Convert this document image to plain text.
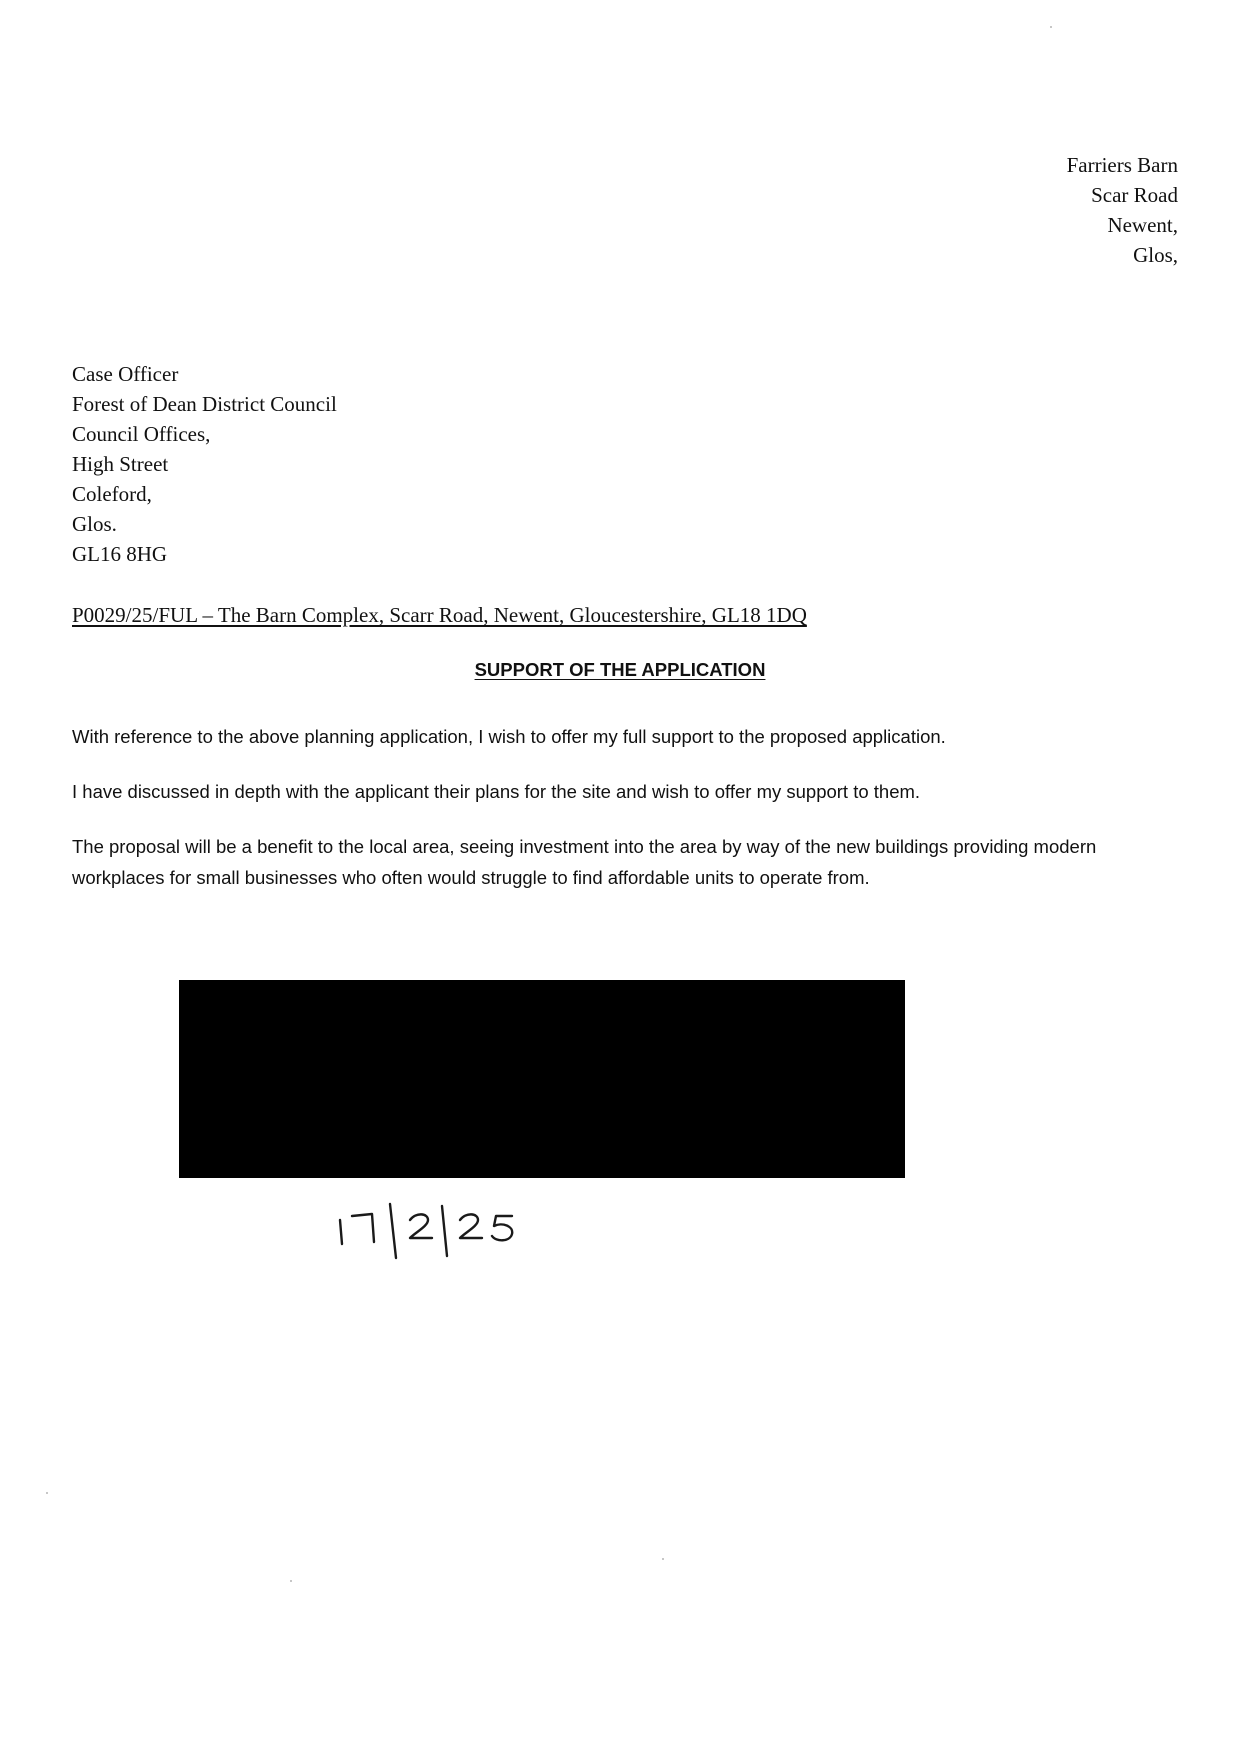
Farriers Barn
Scar Road
Newent,
Glos,
Case Officer
Forest of Dean District Council
Council Offices,
High Street
Coleford,
Glos.
GL16 8HG
P0029/25/FUL – The Barn Complex, Scarr Road, Newent, Gloucestershire, GL18 1DQ
SUPPORT OF THE APPLICATION

With reference to the above planning application, I wish to offer my full support to the proposed application.

I have discussed in depth with the applicant their plans for the site and wish to offer my support to them.

The proposal will be a benefit to the local area, seeing investment into the area by way of the new buildings providing modern workplaces for small businesses who often would struggle to find affordable units to operate from.
